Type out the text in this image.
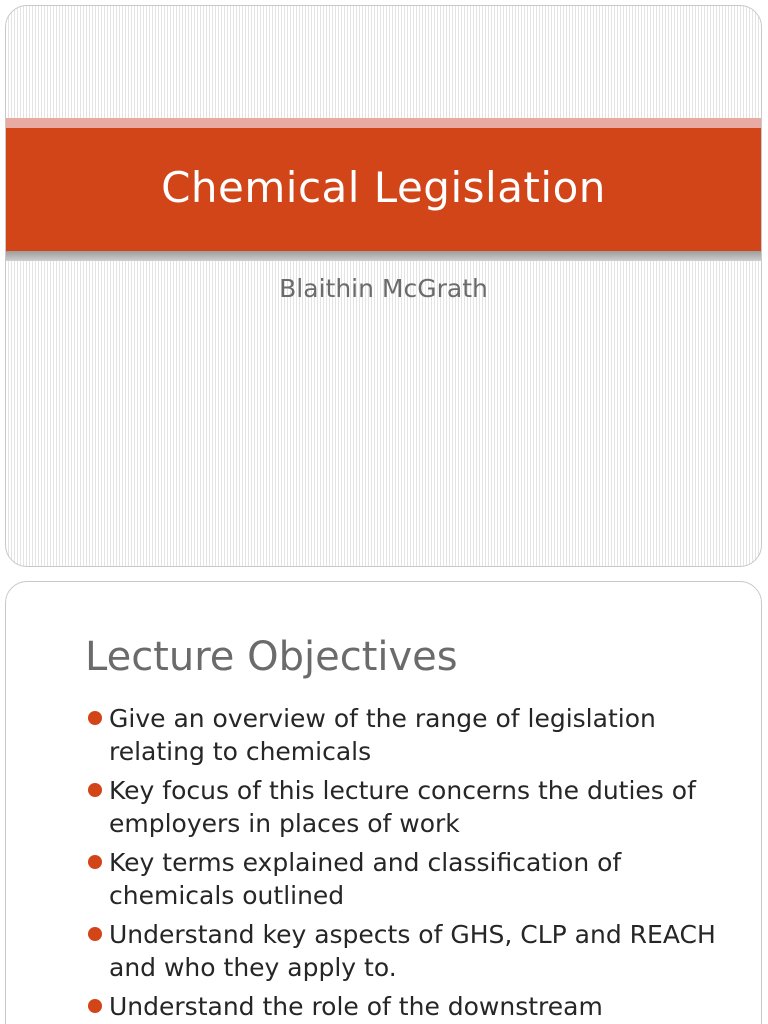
Chemical Legislation
Blaithin McGrath
Lecture Objectives
Give an overview of the range of legislation relating to chemicals
Key focus of this lecture concerns the duties of employers in places of work
Key terms explained and classification of chemicals outlined
Understand key aspects of GHS, CLP and REACH and who they apply to.
Understand the role of the downstream
